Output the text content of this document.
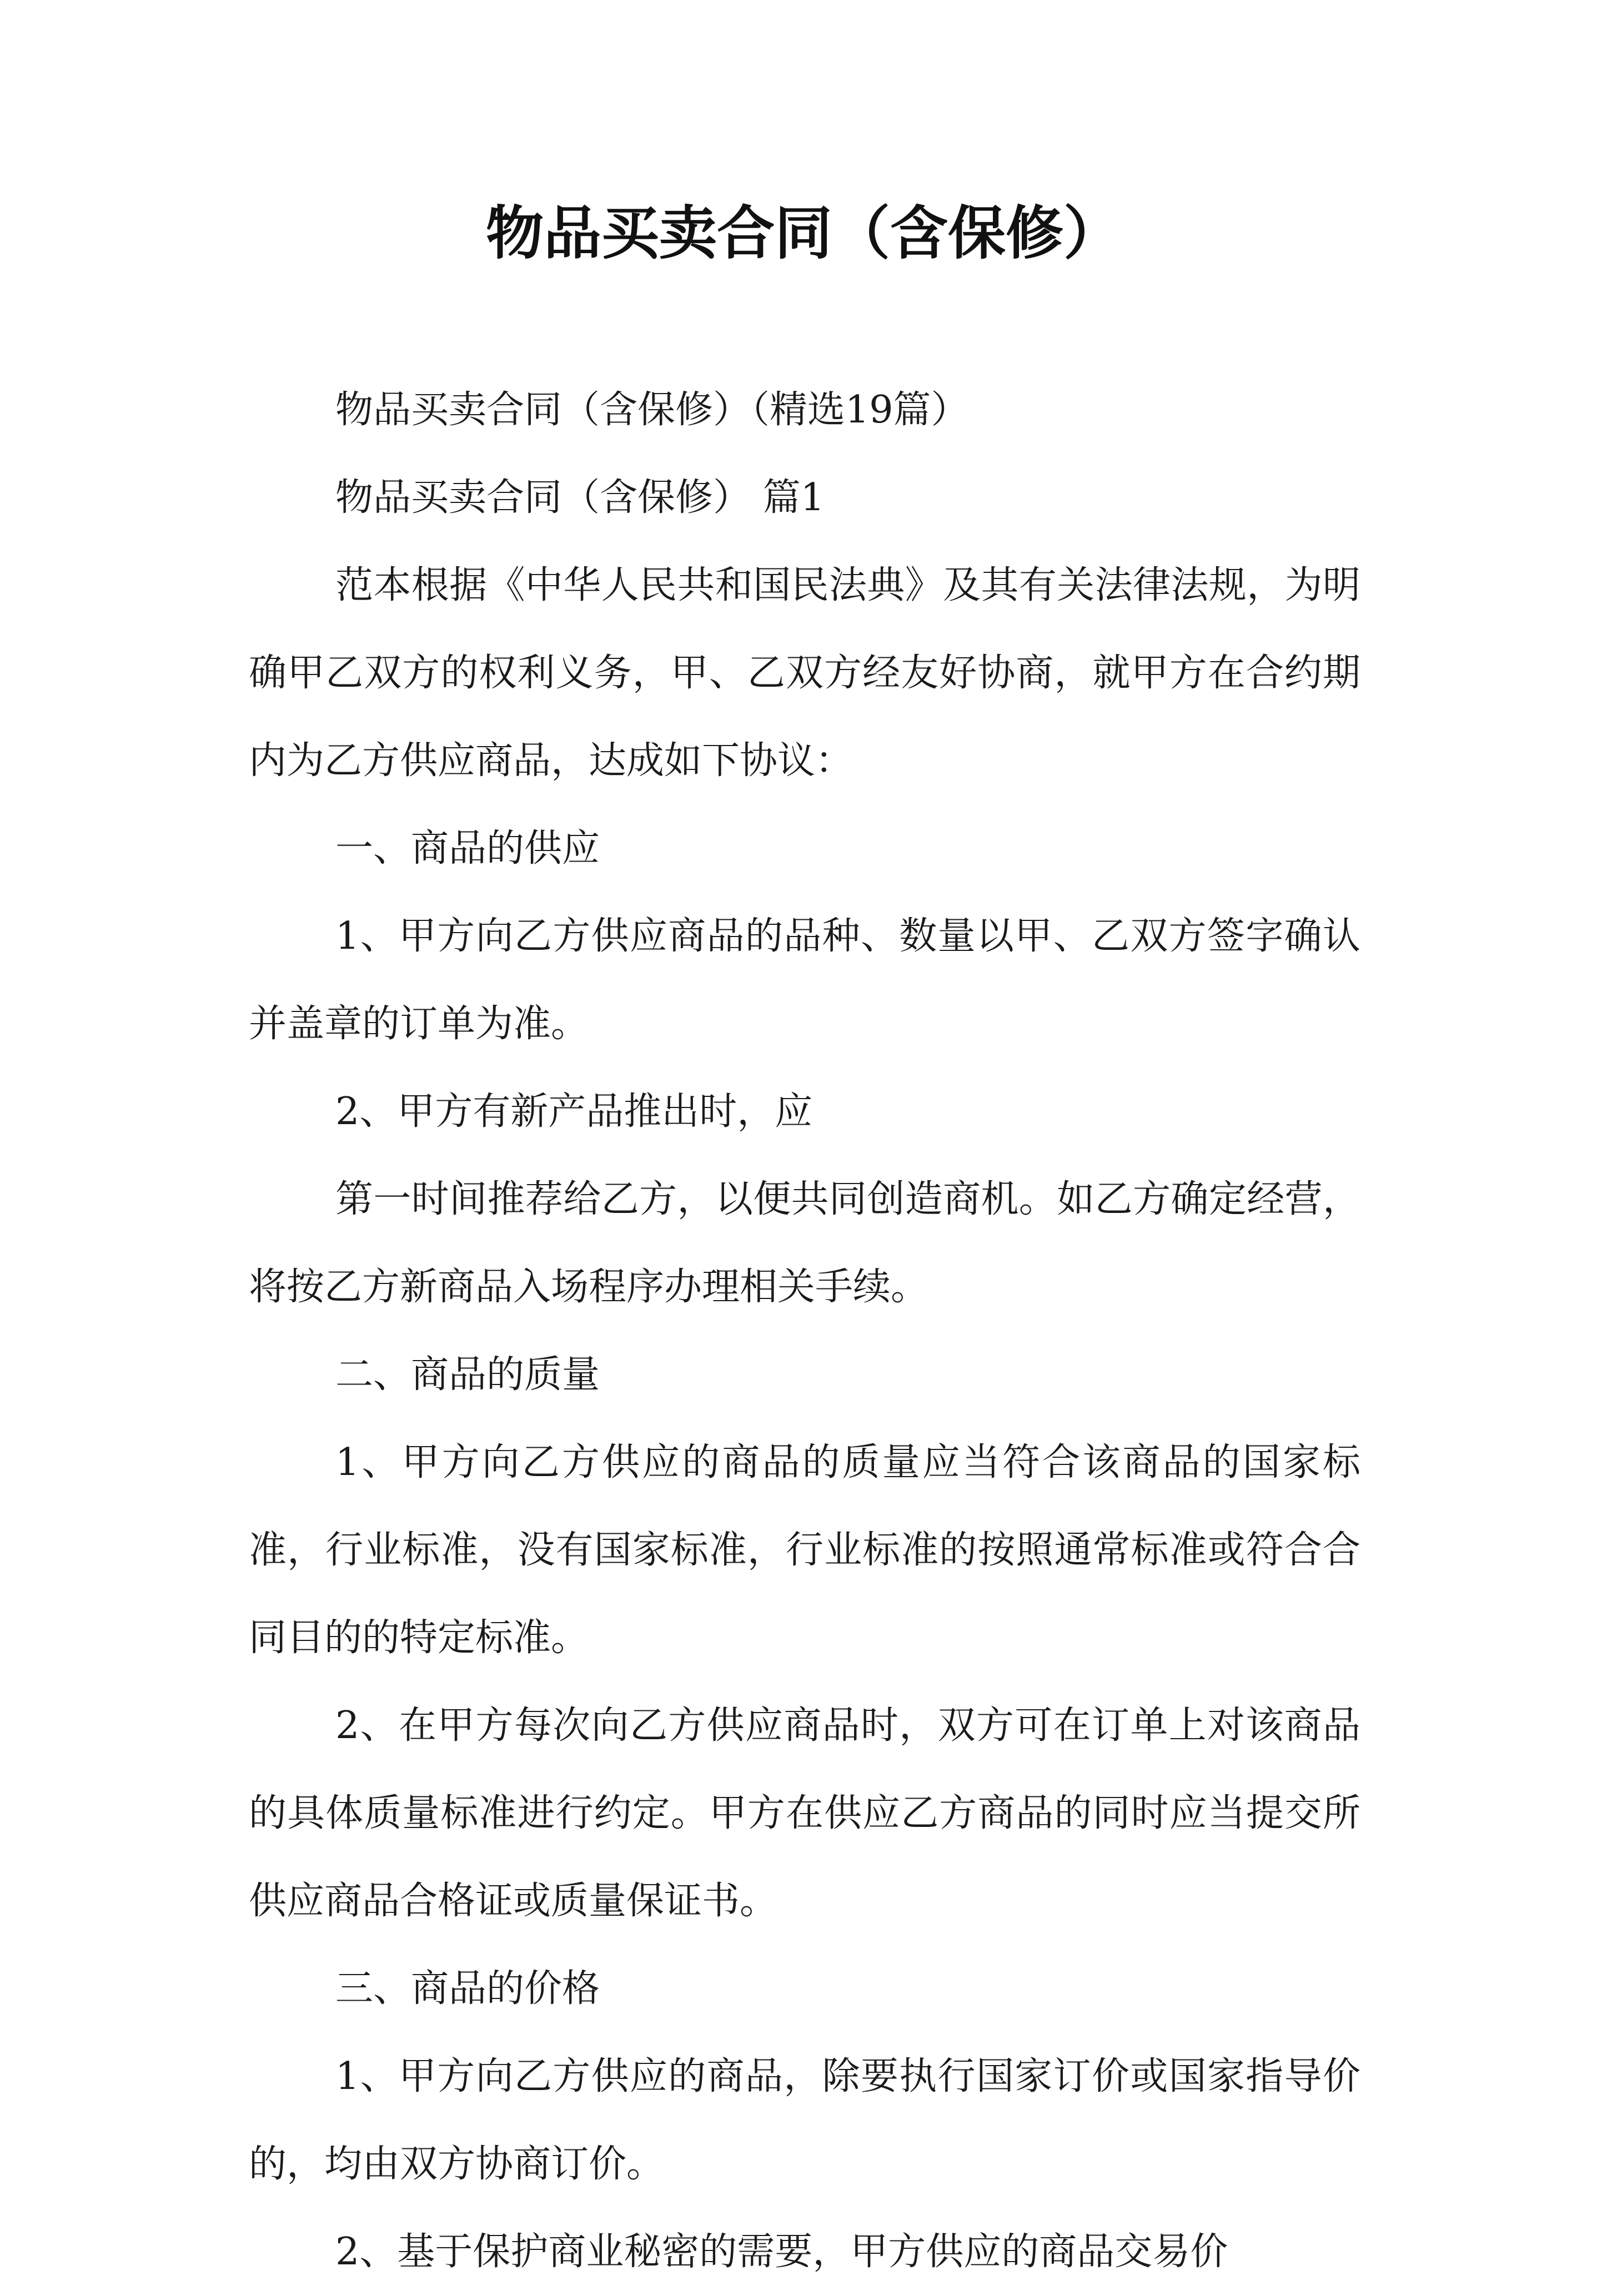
物品买卖合同（含保修）

物品买卖合同（含保修）（精选19篇）

物品买卖合同（含保修） 篇1

范本根据《中华人民共和国民法典》及其有关法律法规，为明确甲乙双方的权利义务，甲、乙双方经友好协商，就甲方在合约期内为乙方供应商品，达成如下协议：

一、商品的供应

1、甲方向乙方供应商品的品种、数量以甲、乙双方签字确认并盖章的订单为准。

2、甲方有新产品推出时，应

第一时间推荐给乙方，以便共同创造商机。如乙方确定经营，将按乙方新商品入场程序办理相关手续。

二、商品的质量

1、甲方向乙方供应的商品的质量应当符合该商品的国家标准，行业标准，没有国家标准，行业标准的按照通常标准或符合合同目的的特定标准。

2、在甲方每次向乙方供应商品时，双方可在订单上对该商品的具体质量标准进行约定。甲方在供应乙方商品的同时应当提交所供应商品合格证或质量保证书。

三、商品的价格

1、甲方向乙方供应的商品，除要执行国家订价或国家指导价的，均由双方协商订价。

2、基于保护商业秘密的需要，甲方供应的商品交易价
